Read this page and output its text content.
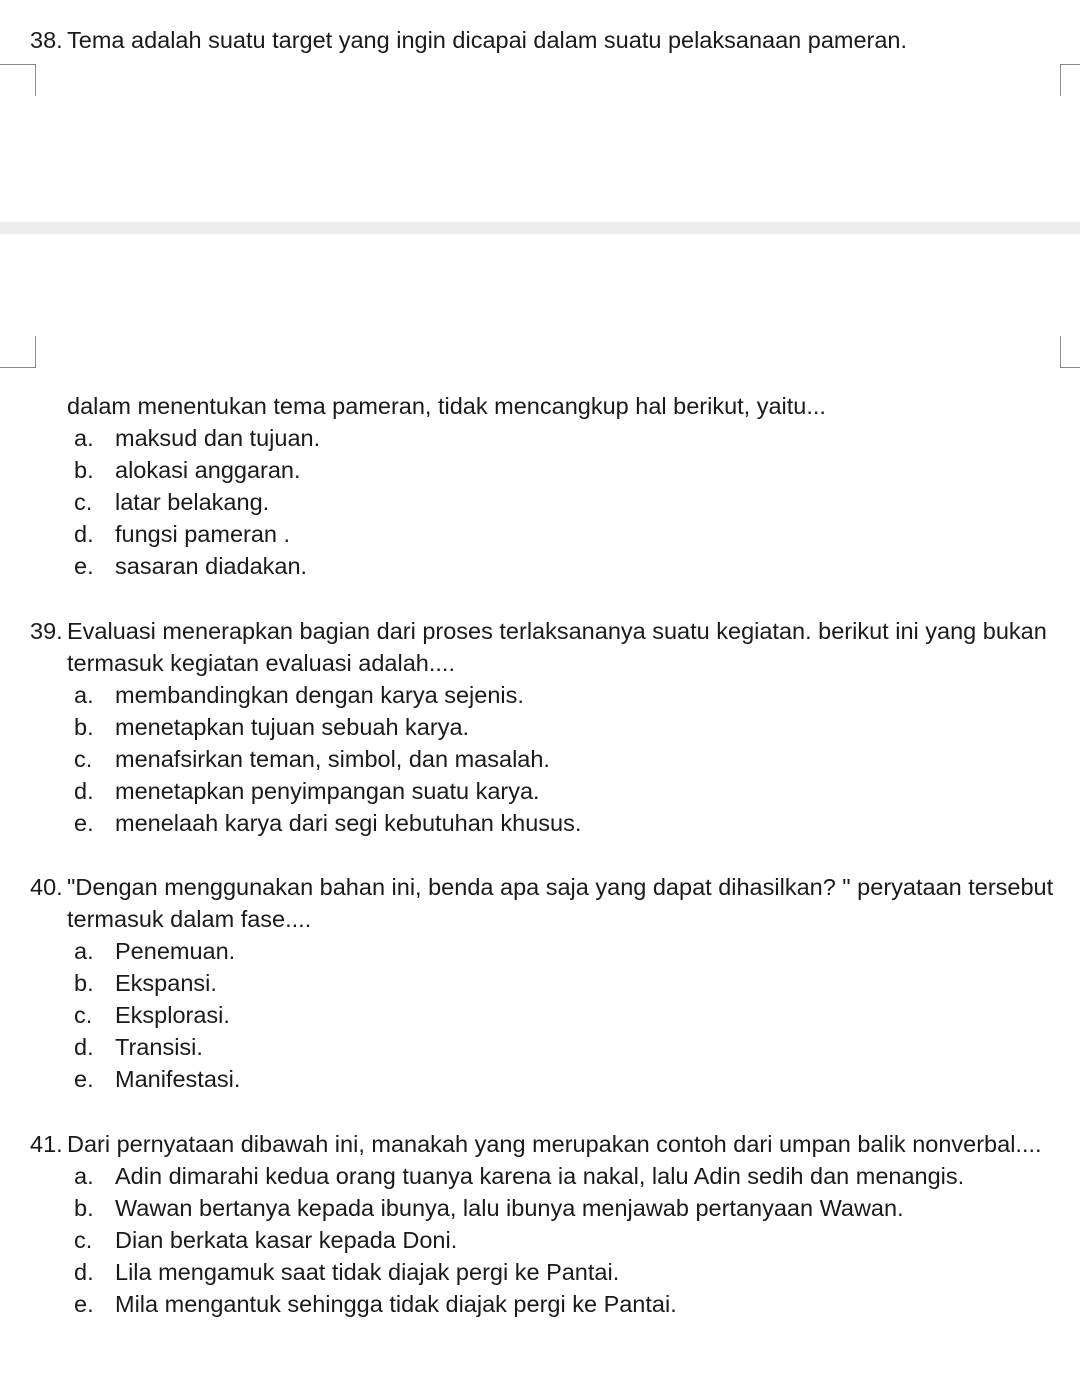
38. Tema adalah suatu target yang ingin dicapai dalam suatu pelaksanaan pameran.
dalam menentukan tema pameran, tidak mencangkup hal berikut, yaitu...
a. maksud dan tujuan.
b. alokasi anggaran.
c. latar belakang.
d. fungsi pameran .
e. sasaran diadakan.
39. Evaluasi menerapkan bagian dari proses terlaksananya suatu kegiatan. berikut ini yang bukan termasuk kegiatan evaluasi adalah....
a. membandingkan dengan karya sejenis.
b. menetapkan tujuan sebuah karya.
c. menafsirkan teman, simbol, dan masalah.
d. menetapkan penyimpangan suatu karya.
e. menelaah karya dari segi kebutuhan khusus.
40. "Dengan menggunakan bahan ini, benda apa saja yang dapat dihasilkan? " peryataan tersebut termasuk dalam fase....
a. Penemuan.
b. Ekspansi.
c. Eksplorasi.
d. Transisi.
e. Manifestasi.
41. Dari pernyataan dibawah ini, manakah yang merupakan contoh dari umpan balik nonverbal....
a. Adin dimarahi kedua orang tuanya karena ia nakal, lalu Adin sedih dan menangis.
b. Wawan bertanya kepada ibunya, lalu ibunya menjawab pertanyaan Wawan.
c. Dian berkata kasar kepada Doni.
d. Lila mengamuk saat tidak diajak pergi ke Pantai.
e. Mila mengantuk sehingga tidak diajak pergi ke Pantai.
